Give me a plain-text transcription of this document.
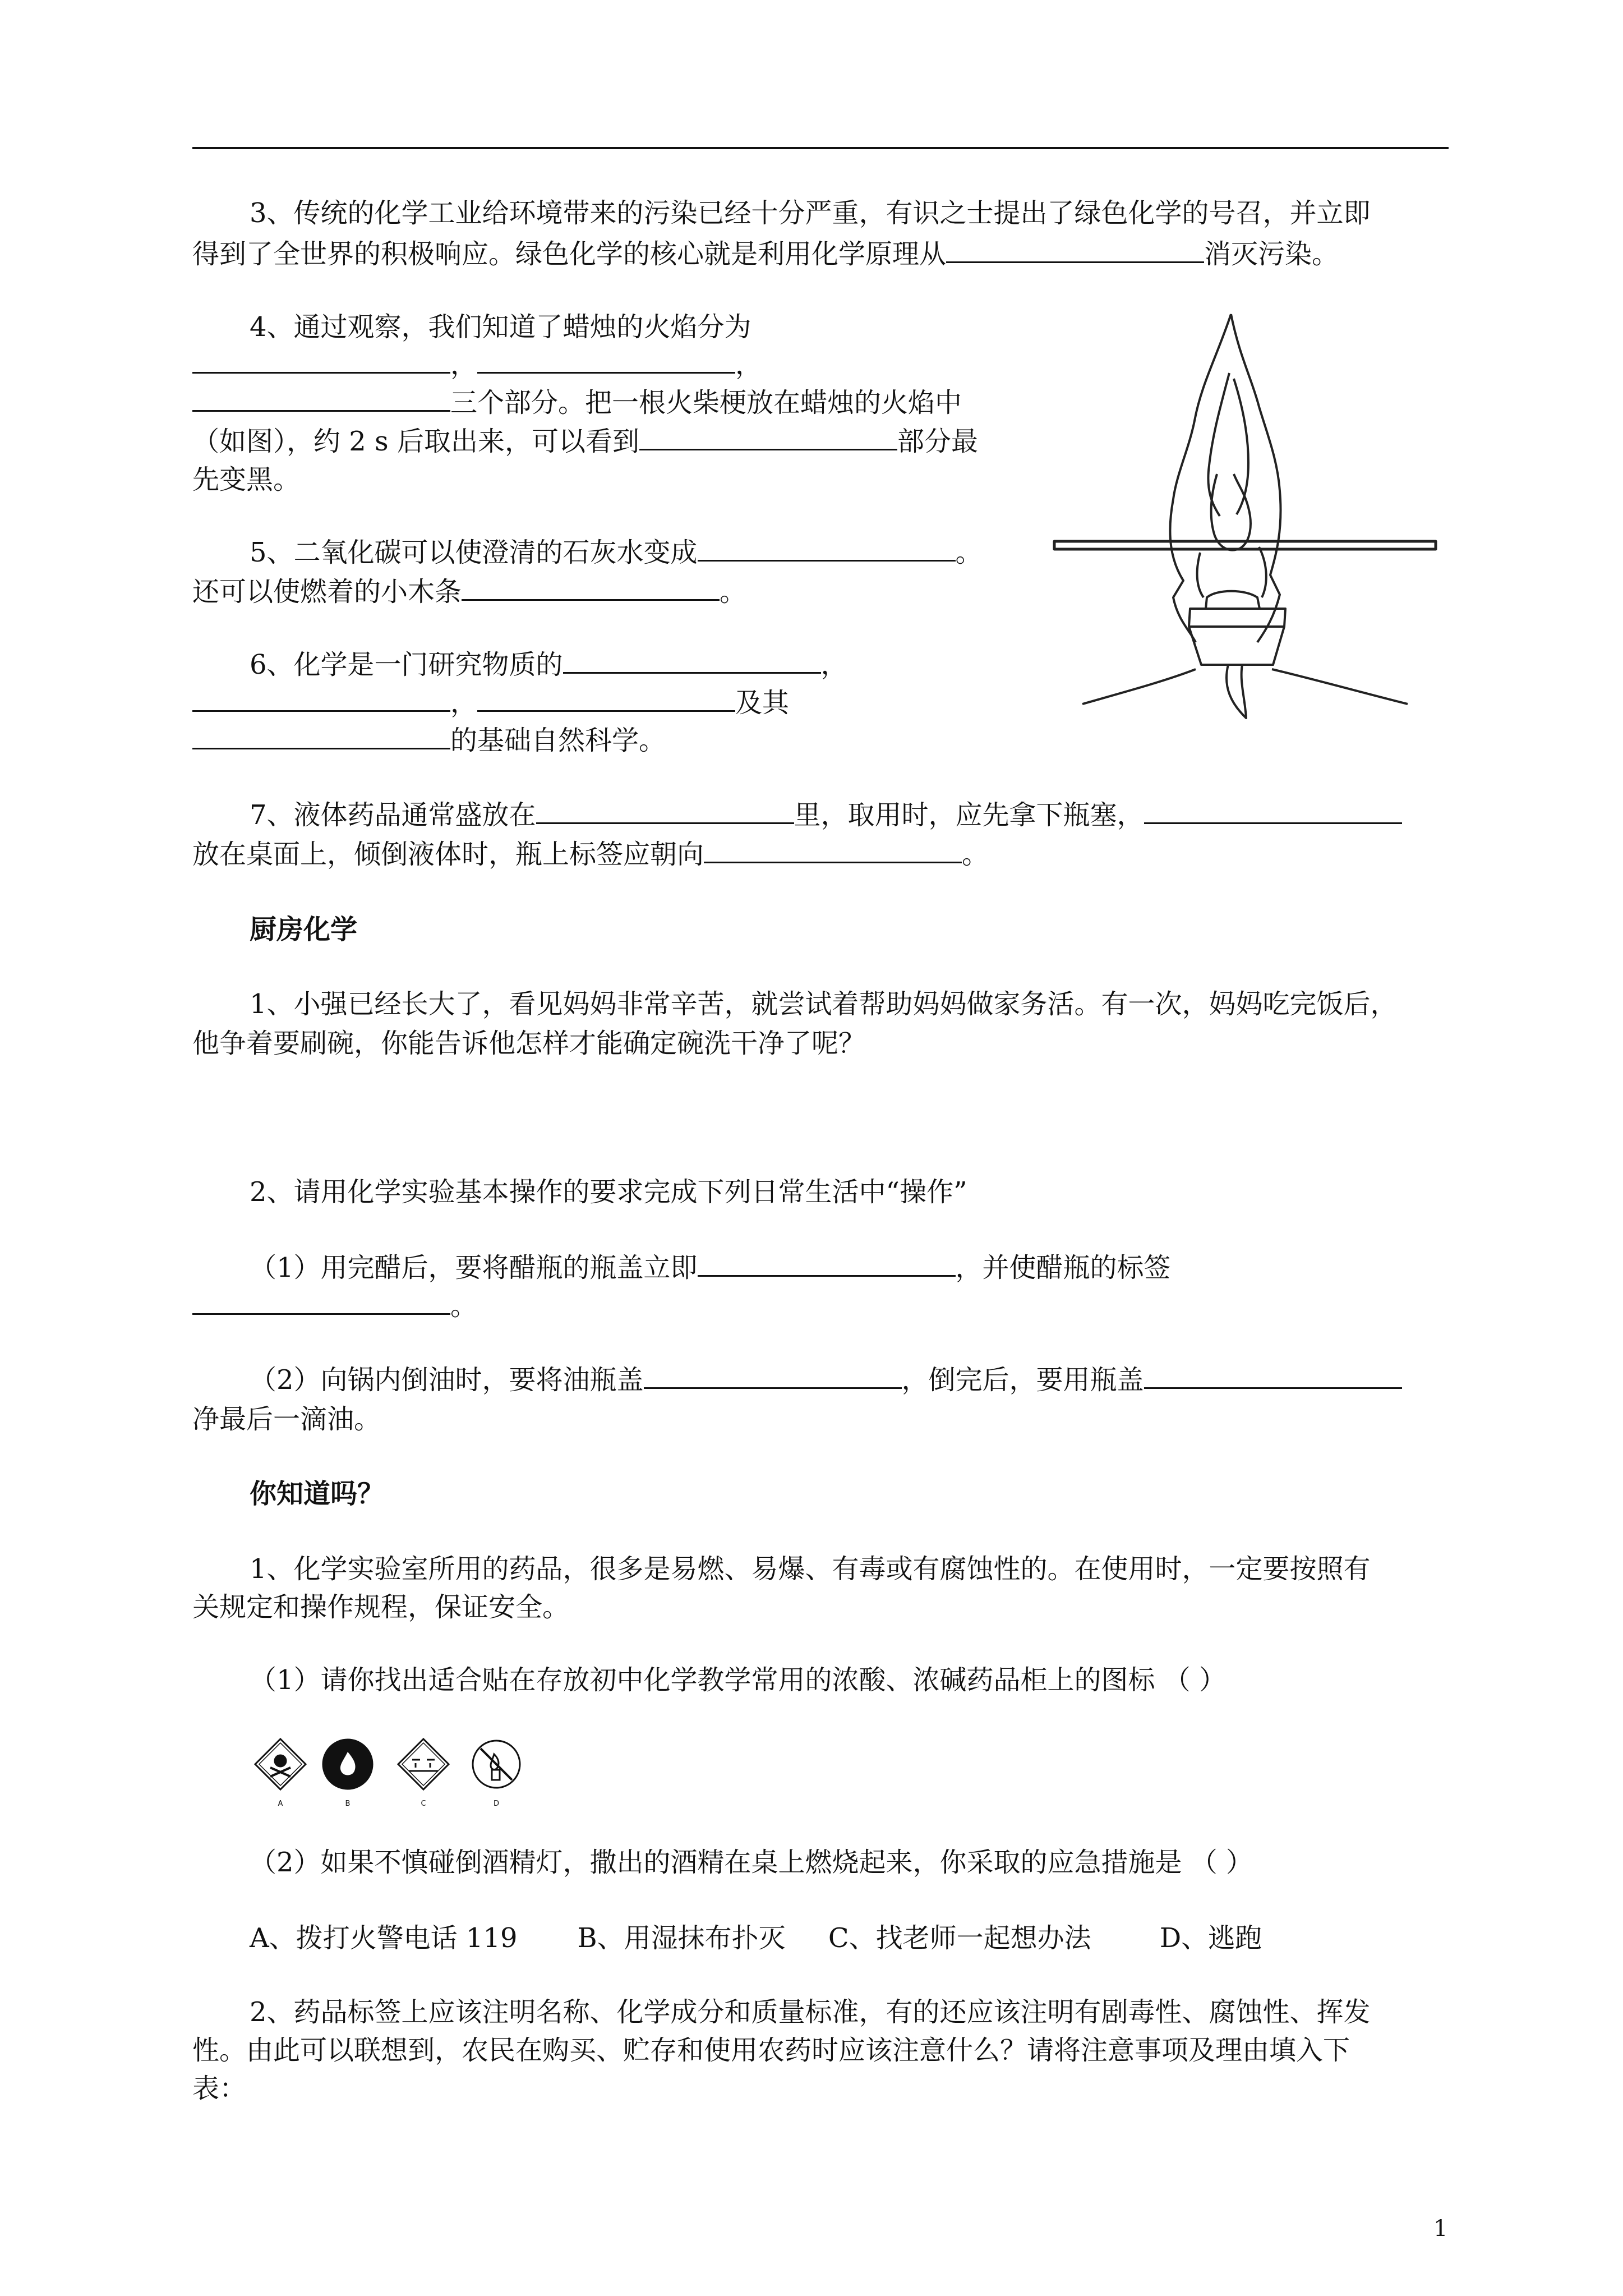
3、传统的化学工业给环境带来的污染已经十分严重，有识之士提出了绿色化学的号召，并立即
得到了全世界的积极响应。绿色化学的核心就是利用化学原理从	消灭污染。
4、通过观察，我们知道了蜡烛的火焰分为
，	，
三个部分。把一根火柴梗放在蜡烛的火焰中
（如图），约 2 s 后取出来，可以看到	部分最
先变黑。
5、二氧化碳可以使澄清的石灰水变成	。
还可以使燃着的小木条	。
6、化学是一门研究物质的	，
，	及其
的基础自然科学。
7、液体药品通常盛放在	里，取用时，应先拿下瓶塞，
放在桌面上，倾倒液体时，瓶上标签应朝向	。
厨房化学
1、小强已经长大了，看见妈妈非常辛苦，就尝试着帮助妈妈做家务活。有一次，妈妈吃完饭后，
他争着要刷碗，你能告诉他怎样才能确定碗洗干净了呢？
2、请用化学实验基本操作的要求完成下列日常生活中“操作”
（1）用完醋后，要将醋瓶的瓶盖立即	，并使醋瓶的标签
。
（2）向锅内倒油时，要将油瓶盖	，倒完后，要用瓶盖
净最后一滴油。
你知道吗？
1、化学实验室所用的药品，很多是易燃、易爆、有毒或有腐蚀性的。在使用时，一定要按照有
关规定和操作规程，保证安全。
（1）请你找出适合贴在存放初中化学教学常用的浓酸、浓碱药品柜上的图标 （ ）
A	B	C	D
（2）如果不慎碰倒酒精灯，撒出的酒精在桌上燃烧起来，你采取的应急措施是 （ ）
A、拨打火警电话 119       B、用湿抹布扑灭     C、找老师一起想办法        D、逃跑
2、药品标签上应该注明名称、化学成分和质量标准，有的还应该注明有剧毒性、腐蚀性、挥发
性。由此可以联想到，农民在购买、贮存和使用农药时应该注意什么？请将注意事项及理由填入下
表：
1
